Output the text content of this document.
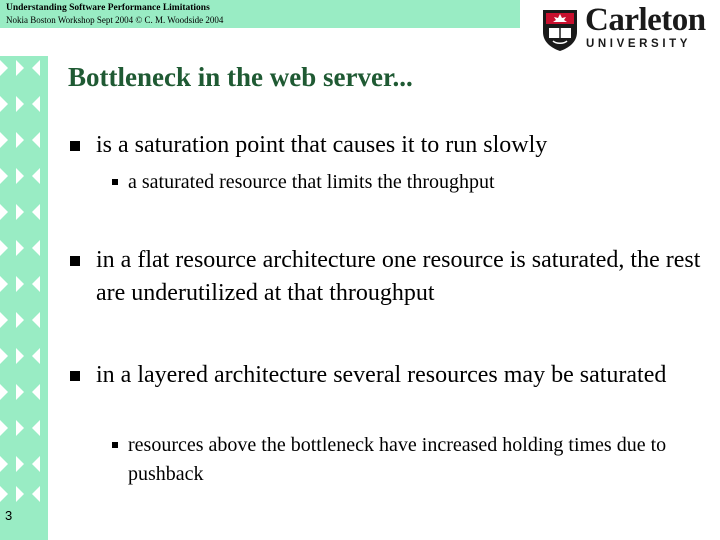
Understanding Software Performance Limitations
Nokia Boston Workshop Sept 2004 © C. M. Woodside 2004
3
Carleton
UNIVERSITY
Bottleneck in the web server...
is a saturation point that causes it to run slowly
a saturated resource that limits the throughput
in a flat resource architecture one resource is saturated, the rest are underutilized at that throughput
in a layered architecture several resources may be saturated
resources above the bottleneck have increased holding times due to pushback
